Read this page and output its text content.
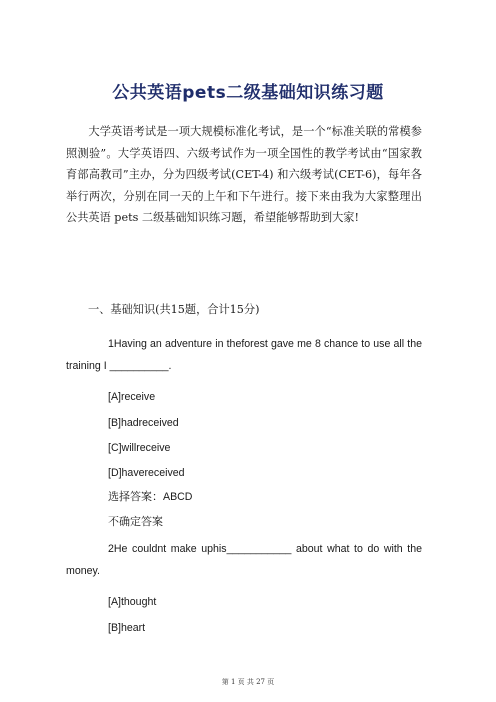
公共英语pets二级基础知识练习题

大学英语考试是一项大规模标准化考试，是一个“标准关联的常模参照测验”。大学英语四、六级考试作为一项全国性的教学考试由“国家教育部高教司”主办，分为四级考试(CET-4) 和六级考试(CET-6)，每年各举行两次，分别在同一天的上午和下午进行。接下来由我为大家整理出公共英语 pets 二级基础知识练习题，希望能够帮助到大家!

一、基础知识(共15题，合计15分)

1Having an adventure in theforest gave me 8 chance to use all the training I __________.

[A]receive

[B]hadreceived

[C]willreceive

[D]havereceived

选择答案：ABCD

不确定答案

2He couldnt make uphis___________ about what to do with the money.

[A]thought

[B]heart

第 1 页 共 27 页
